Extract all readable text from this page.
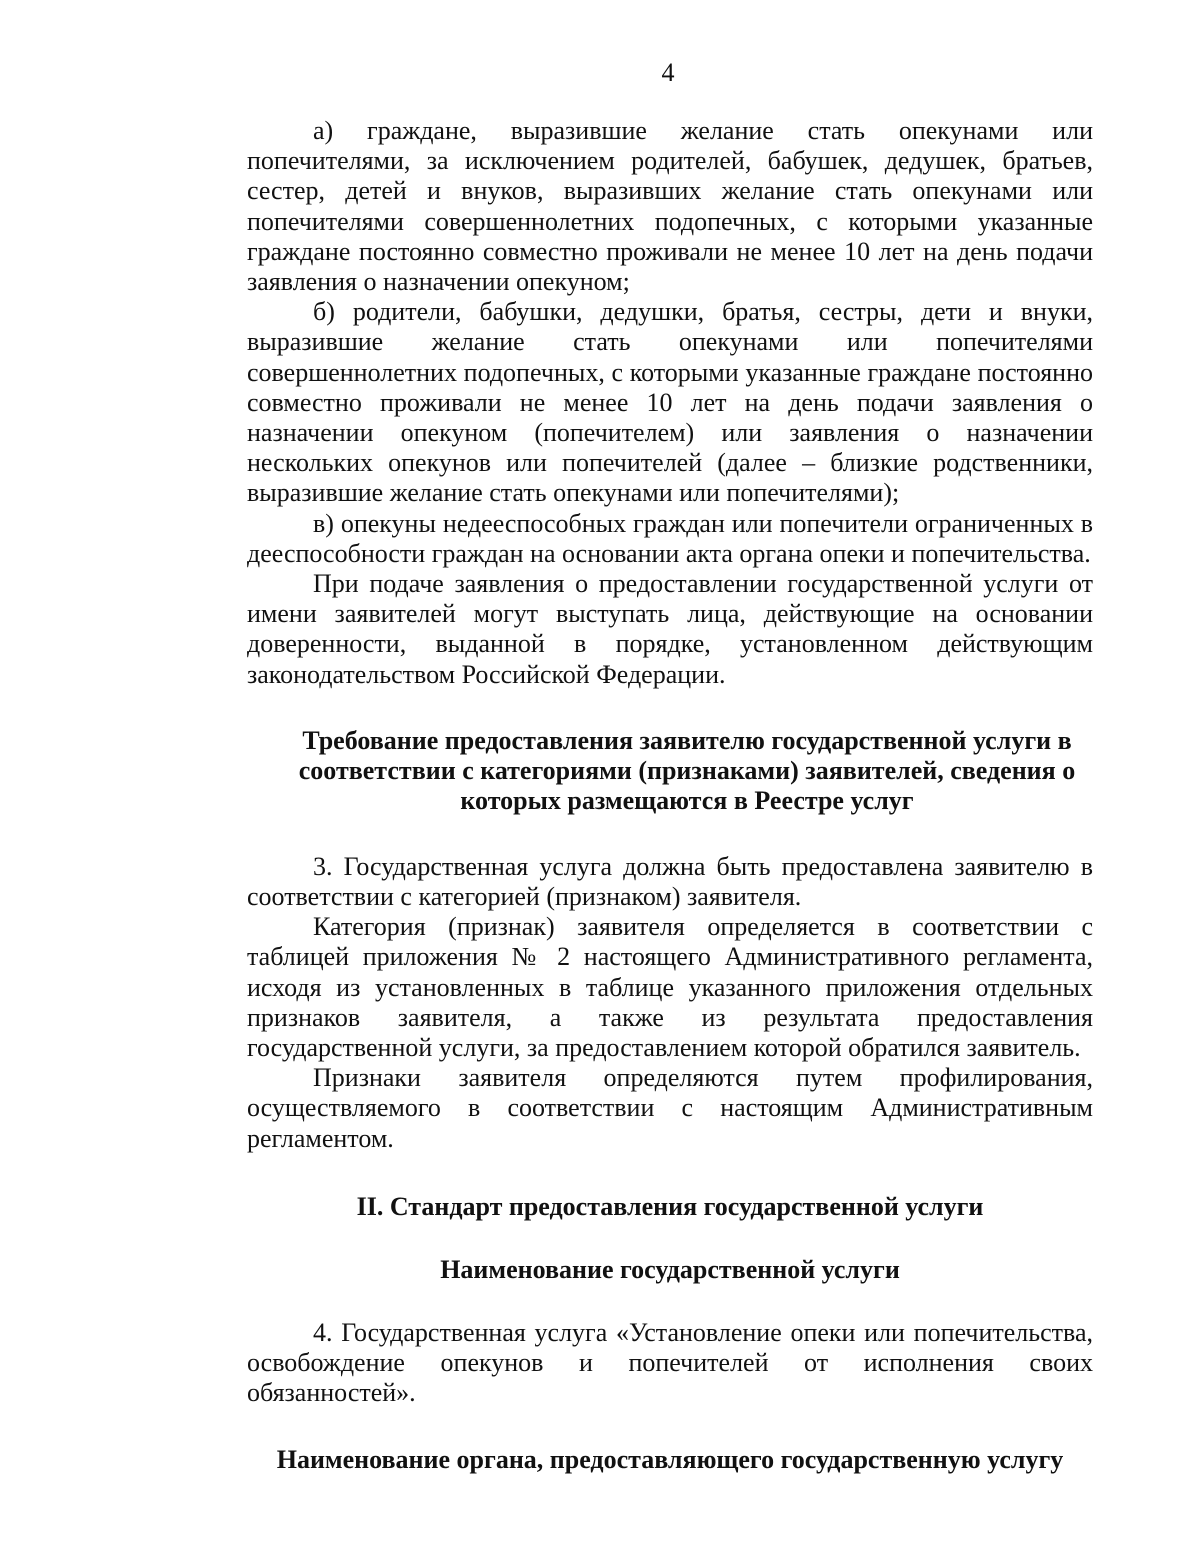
4

а) граждане, выразившие желание стать опекунами или попечителями, за исключением родителей, бабушек, дедушек, братьев, сестер, детей и внуков, выразивших желание стать опекунами или попечителями совершеннолетних подопечных, с которыми указанные граждане постоянно совместно проживали не менее 10 лет на день подачи заявления о назначении опекуном;

б) родители, бабушки, дедушки, братья, сестры, дети и внуки, выразившие желание стать опекунами или попечителями совершеннолетних подопечных, с которыми указанные граждане постоянно совместно проживали не менее 10 лет на день подачи заявления о назначении опекуном (попечителем) или заявления о назначении нескольких опекунов или попечителей (далее – близкие родственники, выразившие желание стать опекунами или попечителями);

в) опекуны недееспособных граждан или попечители ограниченных в дееспособности граждан на основании акта органа опеки и попечительства.

При подаче заявления о предоставлении государственной услуги от имени заявителей могут выступать лица, действующие на основании доверенности, выданной в порядке, установленном действующим законодательством Российской Федерации.

Требование предоставления заявителю государственной услуги в соответствии с категориями (признаками) заявителей, сведения о которых размещаются в Реестре услуг

3. Государственная услуга должна быть предоставлена заявителю в соответствии с категорией (признаком) заявителя.

Категория (признак) заявителя определяется в соответствии с таблицей приложения № 2 настоящего Административного регламента, исходя из установленных в таблице указанного приложения отдельных признаков заявителя, а также из результата предоставления государственной услуги, за предоставлением которой обратился заявитель.

Признаки заявителя определяются путем профилирования, осуществляемого в соответствии с настоящим Административным регламентом.

II. Стандарт предоставления государственной услуги
Наименование государственной услуги

4. Государственная услуга «Установление опеки или попечительства, освобождение опекунов и попечителей от исполнения своих обязанностей».

Наименование органа, предоставляющего государственную услугу
